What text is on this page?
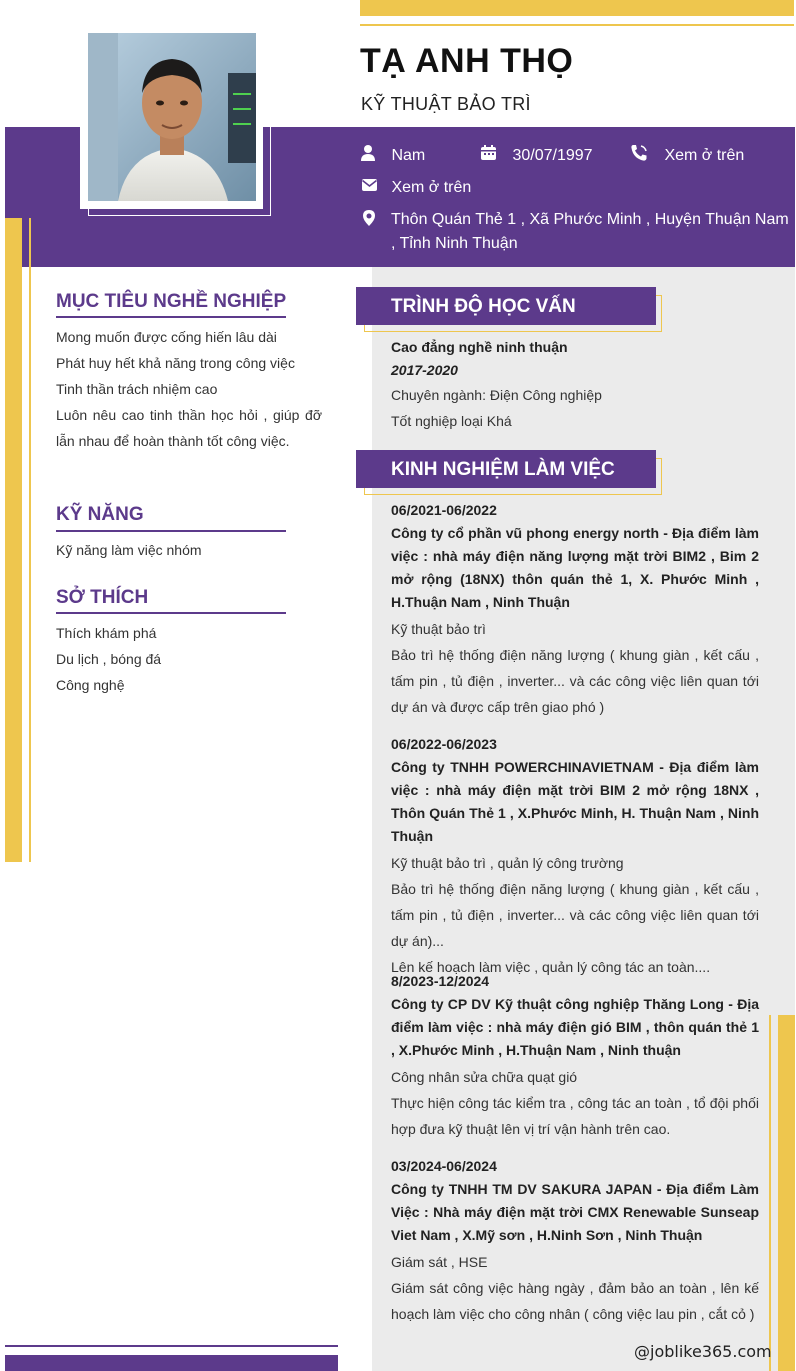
TẠ ANH THỌ
KỸ THUẬT BẢO TRÌ
Nam	30/07/1997	Xem ở trên
Xem ở trên
Thôn Quán Thẻ 1 , Xã Phước Minh , Huyện Thuận Nam
, Tỉnh Ninh Thuận
MỤC TIÊU NGHỀ NGHIỆP
Mong muốn được cống hiến lâu dài
Phát huy hết khả năng trong công việc
Tinh thần trách nhiệm cao
Luôn nêu cao tinh thần học hỏi , giúp đỡ lẫn nhau để hoàn thành tốt công việc.
KỸ NĂNG
Kỹ năng làm việc nhóm
SỞ THÍCH
Thích khám phá
Du lịch , bóng đá
Công nghệ
TRÌNH ĐỘ HỌC VẤN
Cao đẳng nghề ninh thuận
2017-2020
Chuyên ngành: Điện Công nghiệp
Tốt nghiệp loại Khá
KINH NGHIỆM LÀM VIỆC
06/2021-06/2022
Công ty cổ phần vũ phong energy north - Địa điểm làm việc : nhà máy điện năng lượng mặt trời BIM2 , Bim 2 mở rộng (18NX) thôn quán thẻ 1, X. Phước Minh , H.Thuận Nam , Ninh Thuận
Kỹ thuật bảo trì
Bảo trì hệ thống điện năng lượng ( khung giàn , kết cấu , tấm pin , tủ điện , inverter... và các công việc liên quan tới dự án và được cấp trên giao phó )
06/2022-06/2023
Công ty TNHH POWERCHINAVIETNAM - Địa điểm làm việc : nhà máy điện mặt trời BIM 2 mở rộng 18NX , Thôn Quán Thẻ 1 , X.Phước Minh, H. Thuận Nam , Ninh Thuận
Kỹ thuật bảo trì , quản lý công trường
Bảo trì hệ thống điện năng lượng ( khung giàn , kết cấu , tấm pin , tủ điện , inverter... và các công việc liên quan tới dự án)...
Lên kế hoạch làm việc , quản lý công tác an toàn....
8/2023-12/2024
Công ty CP DV Kỹ thuật công nghiệp Thăng Long - Địa điểm làm việc : nhà máy điện gió BIM , thôn quán thẻ 1 , X.Phước Minh , H.Thuận Nam , Ninh thuận
Công nhân sửa chữa quạt gió
Thực hiện công tác kiểm tra , công tác an toàn , tổ đội phối hợp đưa kỹ thuật lên vị trí vận hành trên cao.
03/2024-06/2024
Công ty TNHH TM DV SAKURA JAPAN - Địa điểm Làm Việc : Nhà máy điện mặt trời CMX Renewable Sunseap Viet Nam , X.Mỹ sơn , H.Ninh Sơn , Ninh Thuận
Giám sát , HSE
Giám sát công việc hàng ngày , đảm bảo an toàn , lên kế hoạch làm việc cho công nhân ( công việc lau pin , cắt cỏ )
@joblike365.com
